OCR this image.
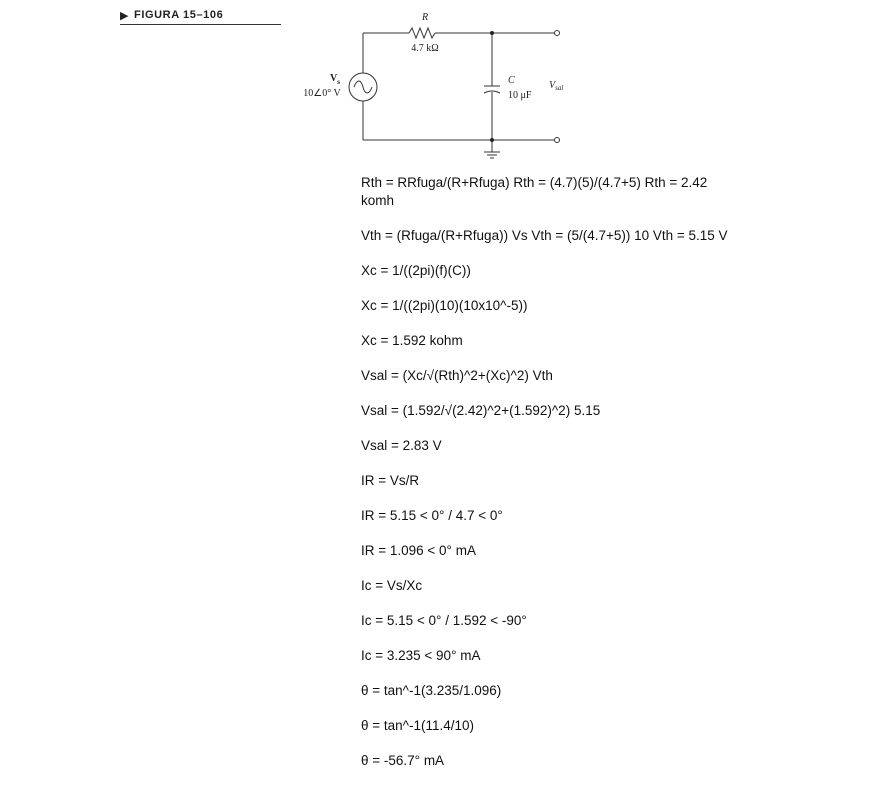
▶ FIGURA 15–106	R
4.7 kΩ
$V_s$
10∠0° V
C
10 μF
$V_{sal}$

Rth = RRfuga/(R+Rfuga) Rth = (4.7)(5)/(4.7+5) Rth = 2.42 komh

Vth = (Rfuga/(R+Rfuga)) Vs Vth = (5/(4.7+5)) 10 Vth = 5.15 V

Xc = 1/((2pi)(f)(C))

Xc = 1/((2pi)(10)(10x10^-5))

Xc = 1.592 kohm

Vsal = (Xc/√(Rth)^2+(Xc)^2) Vth

Vsal = (1.592/√(2.42)^2+(1.592)^2) 5.15

Vsal = 2.83 V

IR = Vs/R

IR = 5.15 < 0° / 4.7 < 0°

IR = 1.096 < 0° mA

Ic = Vs/Xc

Ic = 5.15 < 0° / 1.592 < -90°

Ic = 3.235 < 90° mA

θ = tan^-1(3.235/1.096)

θ = tan^-1(11.4/10)

θ = -56.7° mA
